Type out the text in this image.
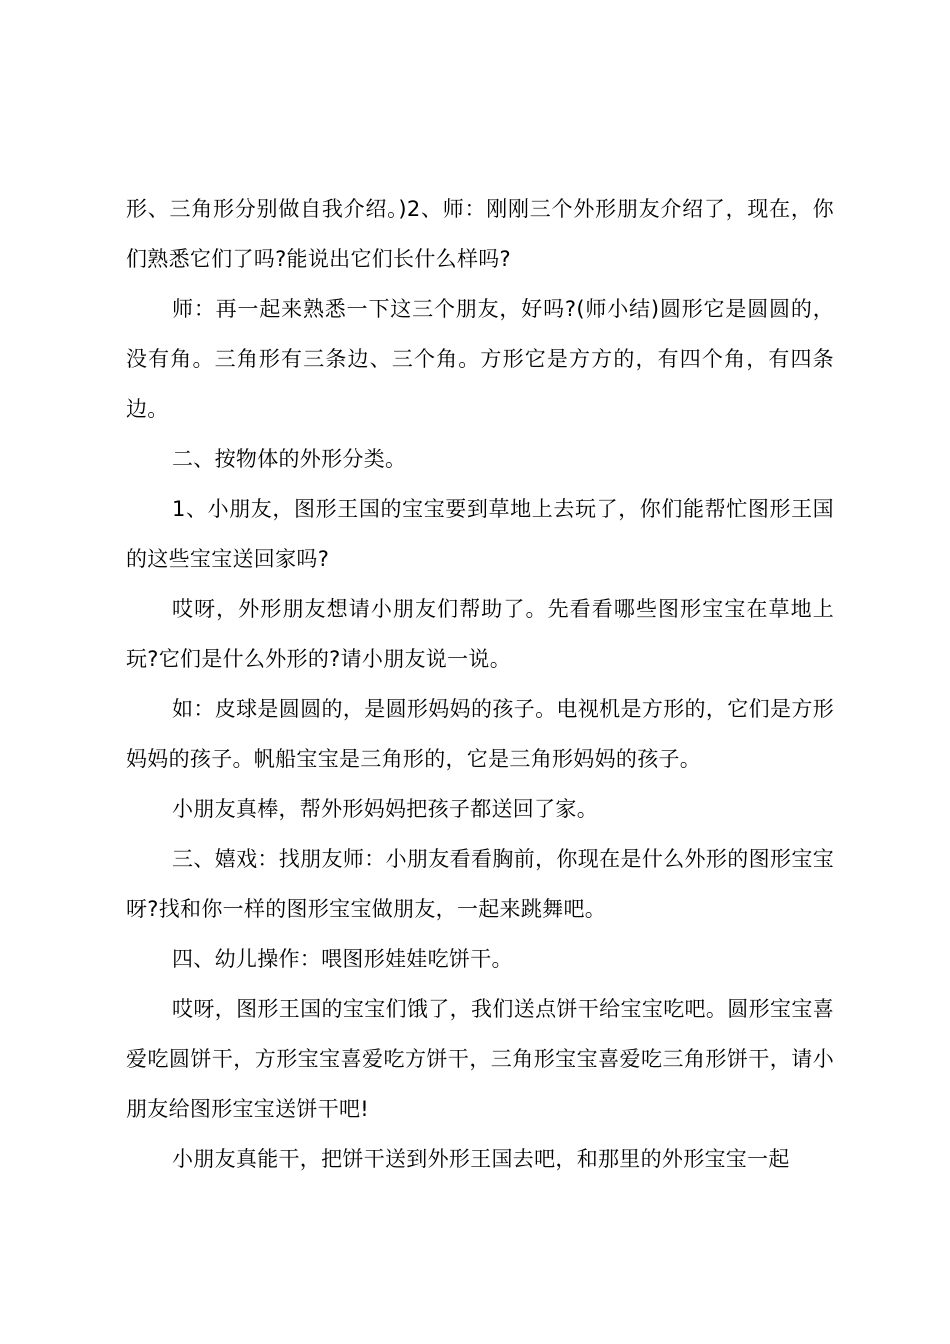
形、三角形分别做自我介绍。)2、师：刚刚三个外形朋友介绍了，现在，你们熟悉它们了吗?能说出它们长什么样吗?

师：再一起来熟悉一下这三个朋友，好吗?(师小结)圆形它是圆圆的，没有角。三角形有三条边、三个角。方形它是方方的，有四个角，有四条边。

二、按物体的外形分类。

1、小朋友，图形王国的宝宝要到草地上去玩了，你们能帮忙图形王国的这些宝宝送回家吗?

哎呀，外形朋友想请小朋友们帮助了。先看看哪些图形宝宝在草地上玩?它们是什么外形的?请小朋友说一说。

如：皮球是圆圆的，是圆形妈妈的孩子。电视机是方形的，它们是方形妈妈的孩子。帆船宝宝是三角形的，它是三角形妈妈的孩子。

小朋友真棒，帮外形妈妈把孩子都送回了家。

三、嬉戏：找朋友师：小朋友看看胸前，你现在是什么外形的图形宝宝呀?找和你一样的图形宝宝做朋友，一起来跳舞吧。

四、幼儿操作：喂图形娃娃吃饼干。

哎呀，图形王国的宝宝们饿了，我们送点饼干给宝宝吃吧。圆形宝宝喜爱吃圆饼干，方形宝宝喜爱吃方饼干，三角形宝宝喜爱吃三角形饼干，请小朋友给图形宝宝送饼干吧!

小朋友真能干，把饼干送到外形王国去吧，和那里的外形宝宝一起
